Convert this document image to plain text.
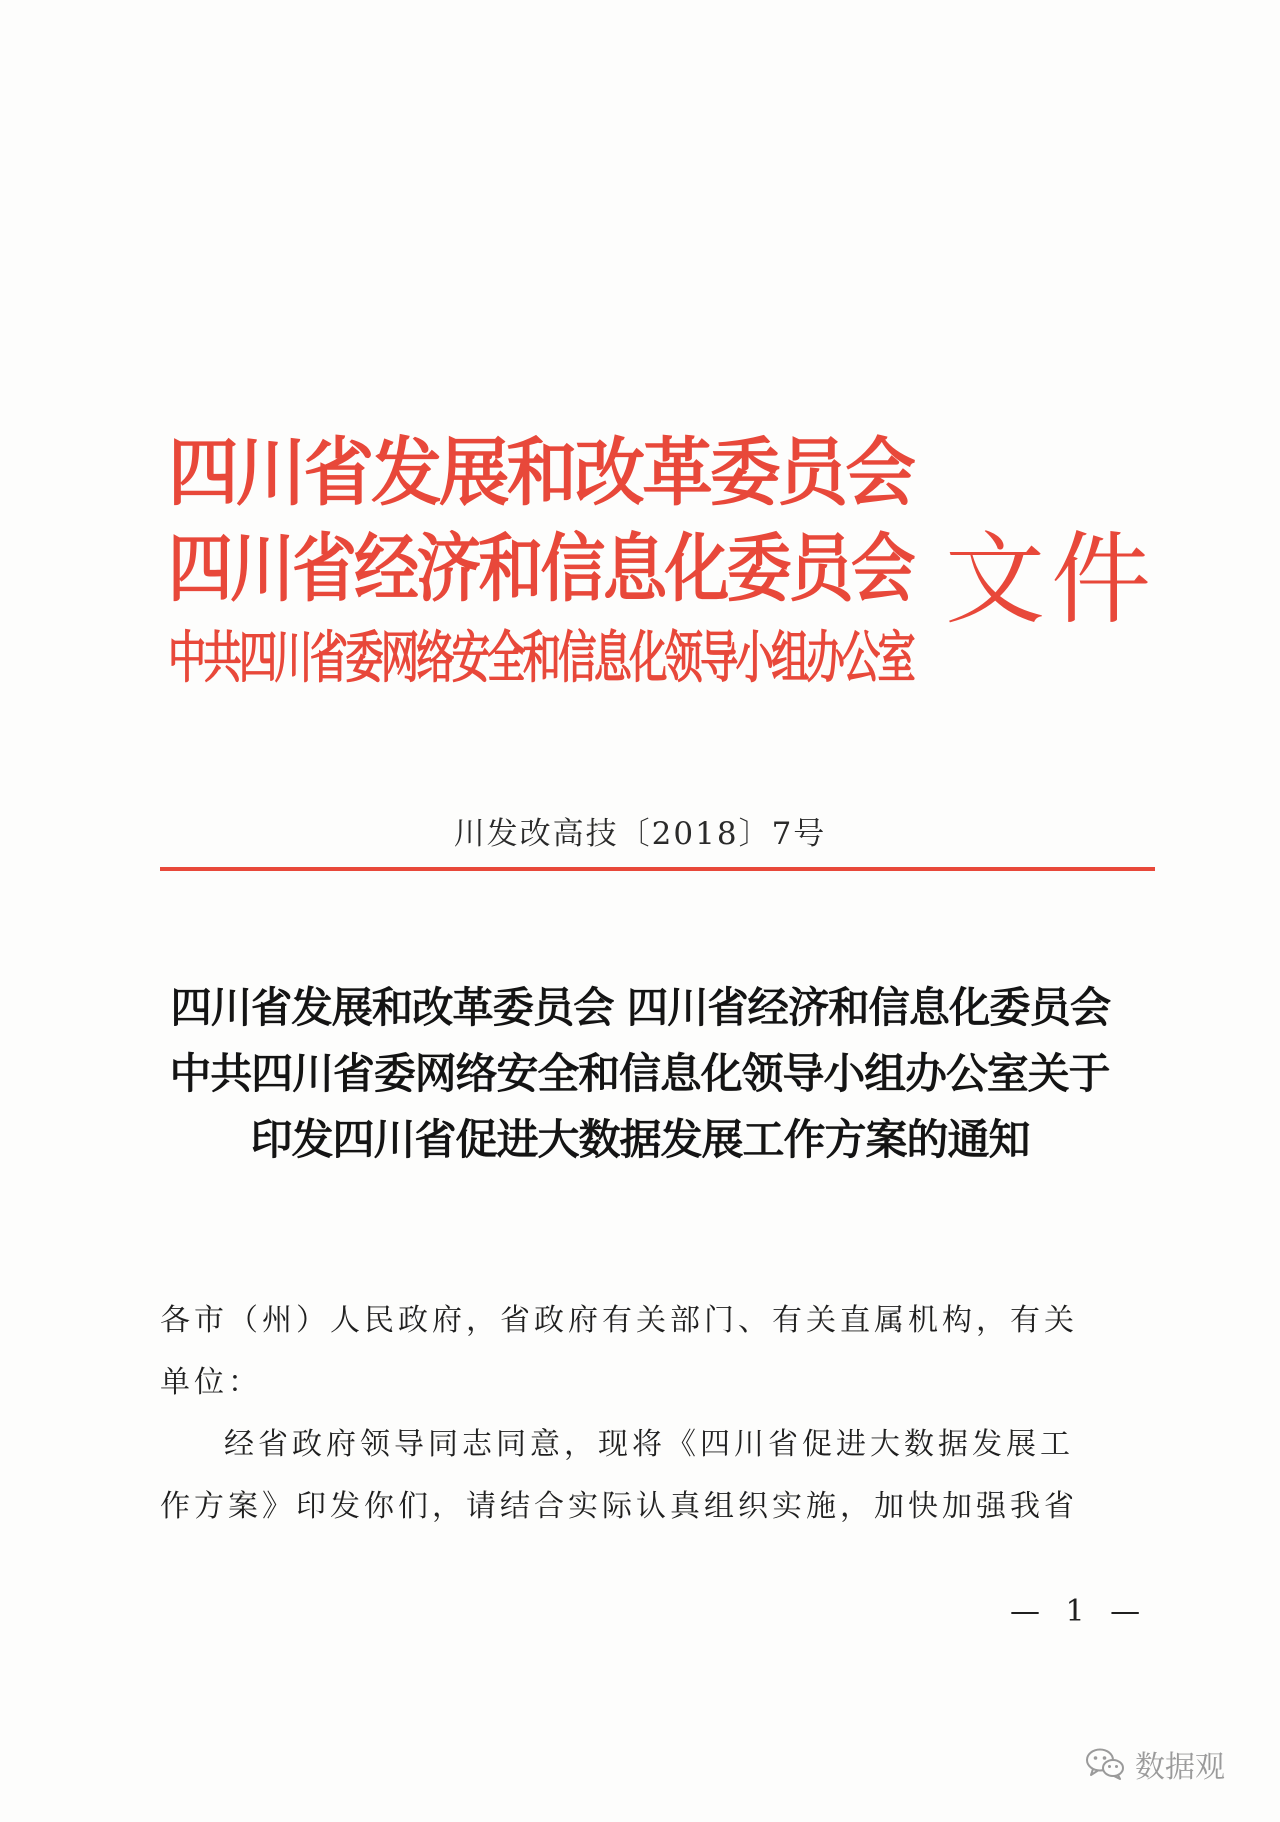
四川省发展和改革委员会
四川省经济和信息化委员会
中共四川省委网络安全和信息化领导小组办公室
文件
川发改高技〔2018〕7号
四川省发展和改革委员会 四川省经济和信息化委员会
中共四川省委网络安全和信息化领导小组办公室关于
印发四川省促进大数据发展工作方案的通知
各市（州）人民政府，省政府有关部门、有关直属机构，有关
单位：
经省政府领导同志同意，现将《四川省促进大数据发展工
作方案》印发你们，请结合实际认真组织实施，加快加强我省
— 1 —
数据观
